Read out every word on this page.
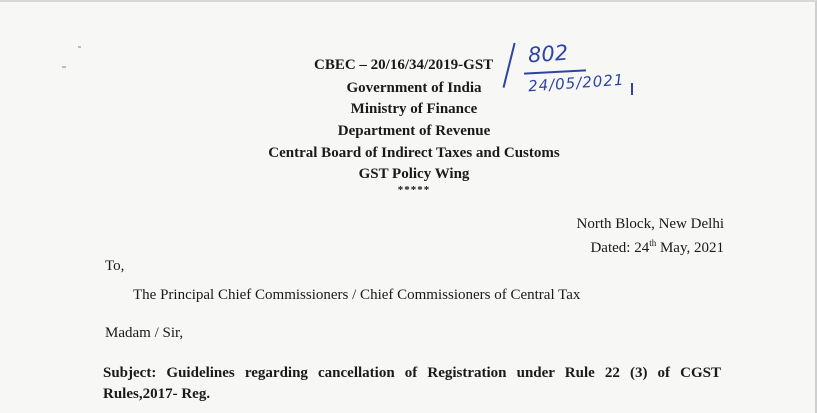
CBEC – 20/16/34/2019-GST
Government of India
Ministry of Finance
Department of Revenue
Central Board of Indirect Taxes and Customs
GST Policy Wing
*****
802
24/05/2021
North Block, New Delhi
Dated: 24th May, 2021
To,
The Principal Chief Commissioners / Chief Commissioners of Central Tax
Madam / Sir,
Subject: Guidelines regarding cancellation of Registration under Rule 22 (3) of CGST Rules,2017- Reg.
